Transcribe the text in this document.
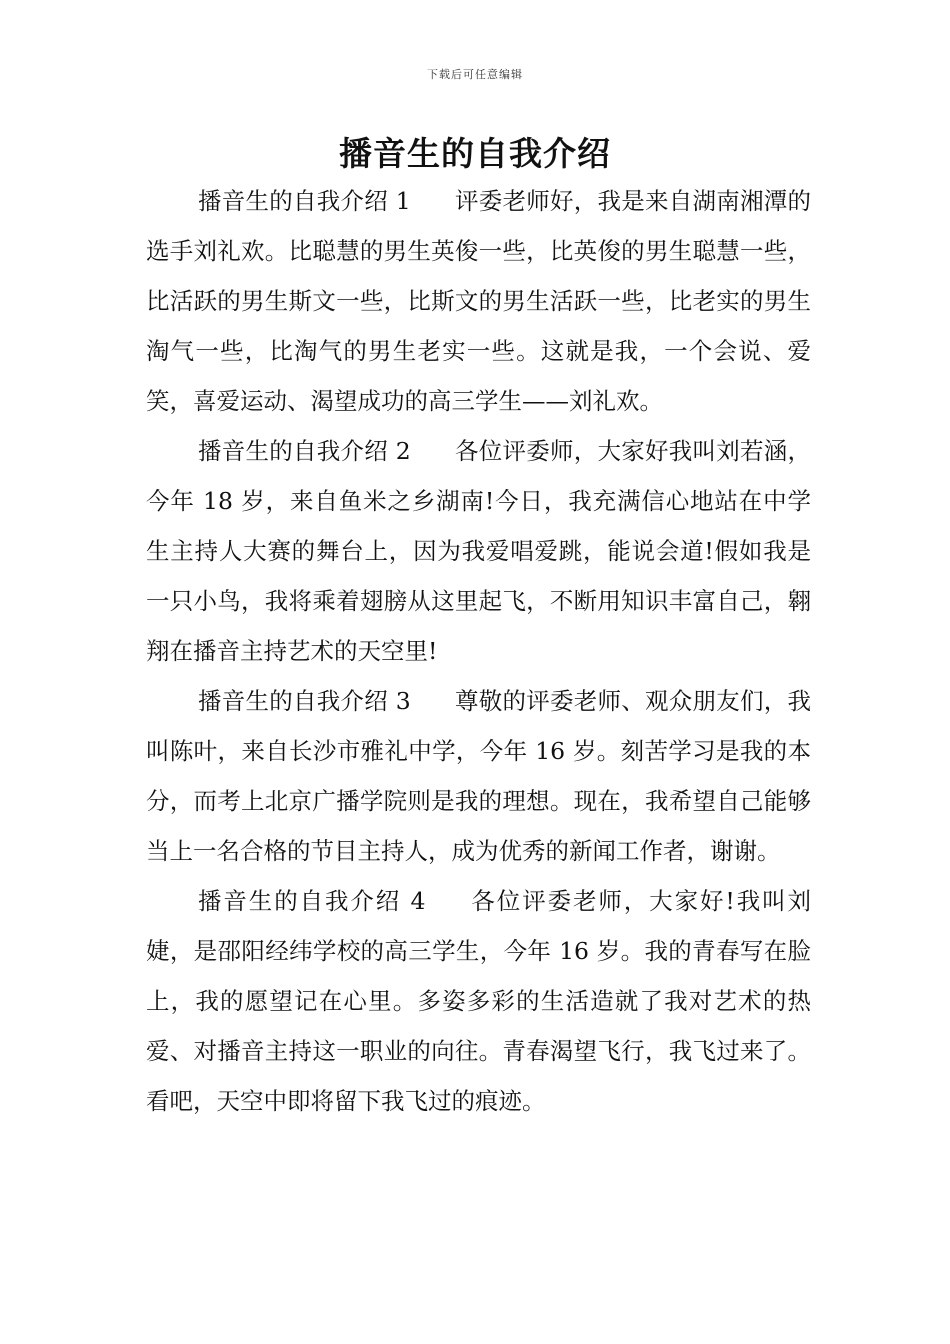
下载后可任意编辑
播音生的自我介绍

播音生的自我介绍 1 评委老师好，我是来自湖南湘潭的选手刘礼欢。比聪慧的男生英俊一些，比英俊的男生聪慧一些，比活跃的男生斯文一些，比斯文的男生活跃一些，比老实的男生淘气一些，比淘气的男生老实一些。这就是我，一个会说、爱笑，喜爱运动、渴望成功的高三学生——刘礼欢。

播音生的自我介绍 2 各位评委师，大家好我叫刘若涵，今年 18 岁，来自鱼米之乡湖南!今日，我充满信心地站在中学生主持人大赛的舞台上，因为我爱唱爱跳，能说会道!假如我是一只小鸟，我将乘着翅膀从这里起飞，不断用知识丰富自己，翱翔在播音主持艺术的天空里!

播音生的自我介绍 3 尊敬的评委老师、观众朋友们，我叫陈叶，来自长沙市雅礼中学，今年 16 岁。刻苦学习是我的本分，而考上北京广播学院则是我的理想。现在，我希望自己能够当上一名合格的节目主持人，成为优秀的新闻工作者，谢谢。

播音生的自我介绍 4 各位评委老师，大家好!我叫刘婕，是邵阳经纬学校的高三学生，今年 16 岁。我的青春写在脸上，我的愿望记在心里。多姿多彩的生活造就了我对艺术的热爱、对播音主持这一职业的向往。青春渴望飞行，我飞过来了。看吧，天空中即将留下我飞过的痕迹。
